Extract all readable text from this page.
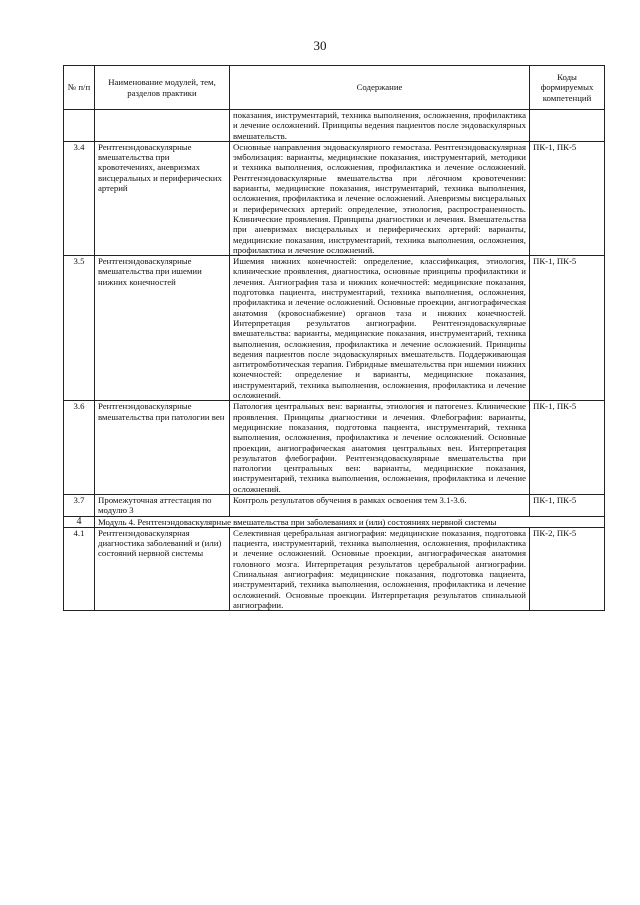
30
№ п/п	Наименование модулей, тем, разделов практики	Содержание	Коды формируемых компетенций
		показания, инструментарий, техника выполнения, осложнения, профилактика и лечение осложнений. Принципы ведения пациентов после эндоваскулярных вмешательств.	
3.4	Рентгенэндоваскулярные вмешательства при кровотечениях, аневризмах висцеральных и периферических артерий	Основные направления эндоваскулярного гемостаза. Рентгенэндоваскулярная эмболизация: варианты, медицинские показания, инструментарий, методики и техника выполнения, осложнения, профилактика и лечение осложнений. Рентгенэндоваскулярные вмешательства при лёгочном кровотечении: варианты, медицинские показания, инструментарий, техника выполнения, осложнения, профилактика и лечение осложнений. Аневризмы висцеральных и периферических артерий: определение, этиология, распространенность. Клинические проявления. Принципы диагностики и лечения. Вмешательства при аневризмах висцеральных и периферических артерий: варианты, медицинские показания, инструментарий, техника выполнения, осложнения, профилактика и лечение осложнений.	ПК-1, ПК-5
3.5	Рентгенэндоваскулярные вмешательства при ишемии нижних конечностей	Ишемия нижних конечностей: определение, классификация, этиология, клинические проявления, диагностика, основные принципы профилактики и лечения. Ангиография таза и нижних конечностей: медицинские показания, подготовка пациента, инструментарий, техника выполнения, осложнения, профилактика и лечение осложнений. Основные проекции, ангиографическая анатомия (кровоснабжение) органов таза и нижних конечностей. Интерпретация результатов ангиографии. Рентгенэндоваскулярные вмешательства: варианты, медицинские показания, инструментарий, техника выполнения, осложнения, профилактика и лечение осложнений. Принципы ведения пациентов после эндоваскулярных вмешательств. Поддерживающая антитромботическая терапия. Гибридные вмешательства при ишемии нижних конечностей: определение и варианты, медицинские показания, инструментарий, техника выполнения, осложнения, профилактика и лечение осложнений.	ПК-1, ПК-5
3.6	Рентгенэндоваскулярные вмешательства при патологии вен	Патология центральных вен: варианты, этиология и патогенез. Клинические проявления. Принципы диагностики и лечения. Флебография: варианты, медицинские показания, подготовка пациента, инструментарий, техника выполнения, осложнения, профилактика и лечение осложнений. Основные проекции, ангиографическая анатомия центральных вен. Интерпретация результатов флебографии. Рентгенэндоваскулярные вмешательства при патологии центральных вен: варианты, медицинские показания, инструментарий, техника выполнения, осложнения, профилактика и лечение осложнений.	ПК-1, ПК-5
3.7	Промежуточная аттестация по модулю 3	Контроль результатов обучения в рамках освоения тем 3.1-3.6.	ПК-1, ПК-5
4	Модуль 4. Рентгенэндоваскулярные вмешательства при заболеваниях и (или) состояниях нервной системы		
4.1	Рентгенэндоваскулярная диагностика заболеваний и (или) состояний нервной системы	Селективная церебральная ангиография: медицинские показания, подготовка пациента, инструментарий, техника выполнения, осложнения, профилактика и лечение осложнений. Основные проекции, ангиографическая анатомия головного мозга. Интерпретация результатов церебральной ангиографии. Спинальная ангиография: медицинские показания, подготовка пациента, инструментарий, техника выполнения, осложнения, профилактика и лечение осложнений. Основные проекции. Интерпретация результатов спинальной ангиографии.	ПК-2, ПК-5
